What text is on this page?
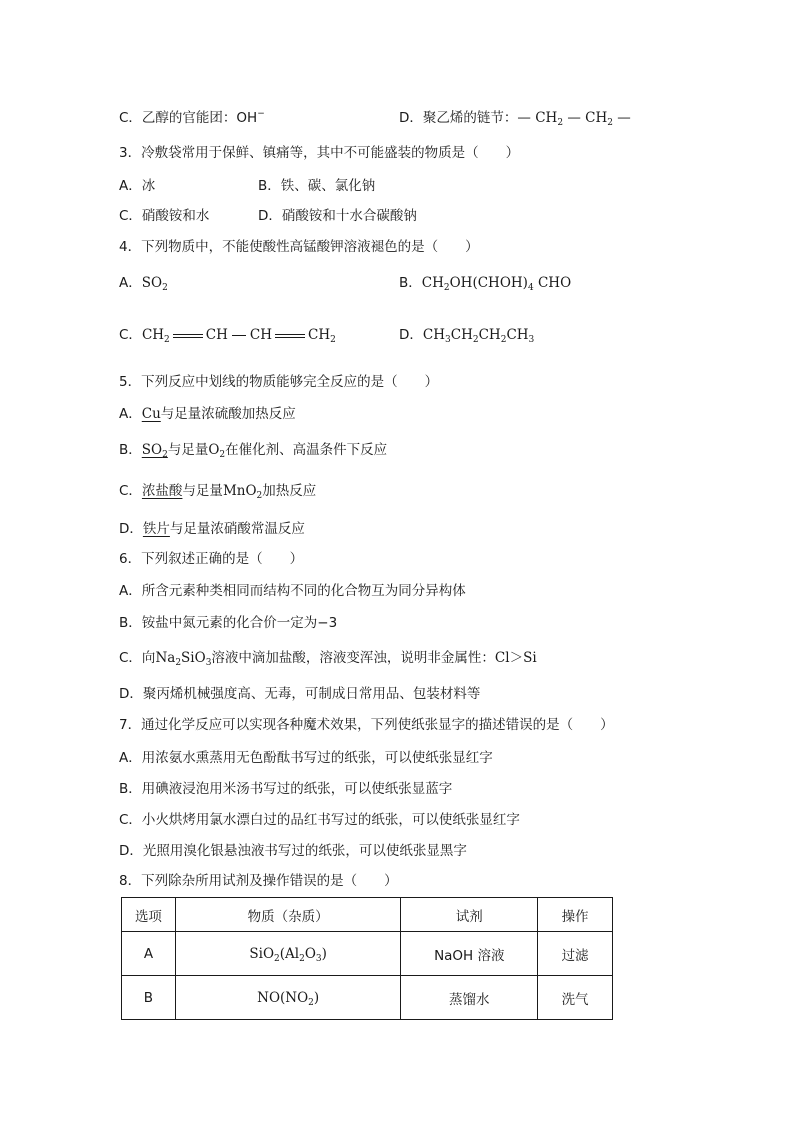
C．乙醇的官能团：OH−	D．聚乙烯的链节：— $CH_2$ — $CH_2$ —
3．冷敷袋常用于保鲜、镇痛等，其中不可能盛装的物质是（　　）
A．冰	B．铁、碳、氯化钠
C．硝酸铵和水	D．硝酸铵和十水合碳酸钠
4．下列物质中，不能使酸性高锰酸钾溶液褪色的是（　　）
A．$SO_2$	B．$CH_2OH(CHOH)_4$ CHO
C．$CH_2$	CH CH	$CH_2$	D．$CH_3CH_2CH_2CH_3$
5．下列反应中划线的物质能够完全反应的是（　　）
A．Cu与足量浓硫酸加热反应
B．$SO_2$与足量$O_2$在催化剂、高温条件下反应
C．浓盐酸与足量MnO$_2$加热反应
D．铁片与足量浓硝酸常温反应
6．下列叙述正确的是（　　）
A．所含元素种类相同而结构不同的化合物互为同分异构体
B．铵盐中氮元素的化合价一定为−3
C．向$Na_2SiO_3$溶液中滴加盐酸，溶液变浑浊，说明非金属性：Cl＞Si
D．聚丙烯机械强度高、无毒，可制成日常用品、包装材料等
7．通过化学反应可以实现各种魔术效果，下列使纸张显字的描述错误的是（　　）
A．用浓氨水熏蒸用无色酚酞书写过的纸张，可以使纸张显红字
B．用碘液浸泡用米汤书写过的纸张，可以使纸张显蓝字
C．小火烘烤用氯水漂白过的品红书写过的纸张，可以使纸张显红字
D．光照用溴化银悬浊液书写过的纸张，可以使纸张显黑字
8．下列除杂所用试剂及操作错误的是（　　）
选项	物质（杂质）	试剂	操作
A	$SiO_2(Al_2O_3)$	NaOH 溶液	过滤
B	$NO(NO_2)$	蒸馏水	洗气
